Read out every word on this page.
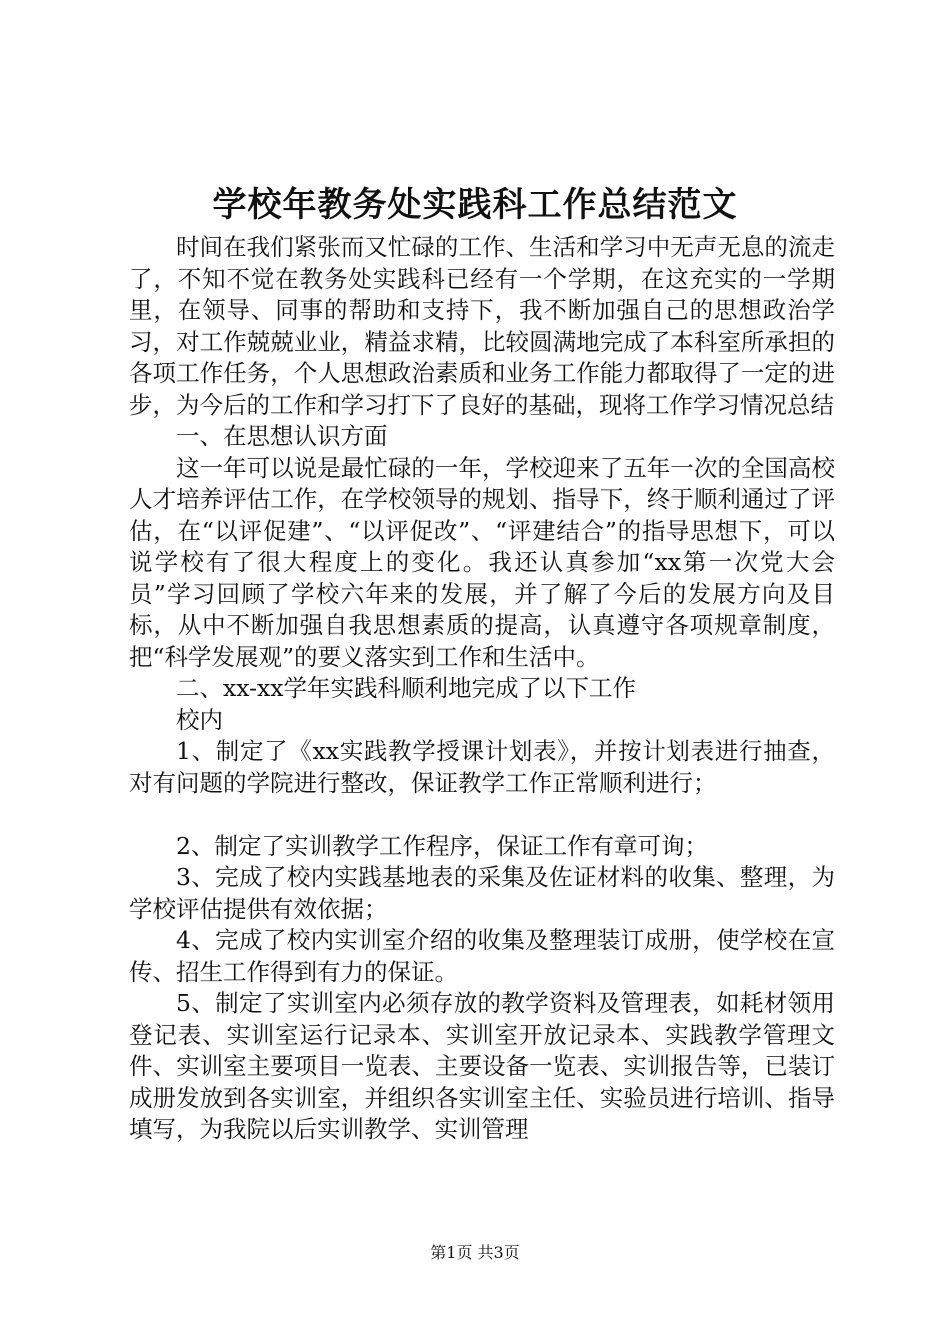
学校年教务处实践科工作总结范文

时间在我们紧张而又忙碌的工作、生活和学习中无声无息的流走了，不知不觉在教务处实践科已经有一个学期，在这充实的一学期里，在领导、同事的帮助和支持下，我不断加强自己的思想政治学习，对工作兢兢业业，精益求精，比较圆满地完成了本科室所承担的各项工作任务，个人思想政治素质和业务工作能力都取得了一定的进步，为今后的工作和学习打下了良好的基础，现将工作学习情况总结

一、在思想认识方面

这一年可以说是最忙碌的一年，学校迎来了五年一次的全国高校人才培养评估工作，在学校领导的规划、指导下，终于顺利通过了评估，在“以评促建”、“以评促改”、“评建结合”的指导思想下，可以说学校有了很大程度上的变化。我还认真参加“xx第一次党大会员”学习回顾了学校六年来的发展，并了解了今后的发展方向及目标，从中不断加强自我思想素质的提高，认真遵守各项规章制度，把“科学发展观”的要义落实到工作和生活中。

二、xx-xx学年实践科顺利地完成了以下工作

校内

1、制定了《xx实践教学授课计划表》，并按计划表进行抽查，对有问题的学院进行整改，保证教学工作正常顺利进行；

2、制定了实训教学工作程序，保证工作有章可询；

3、完成了校内实践基地表的采集及佐证材料的收集、整理，为学校评估提供有效依据；

4、完成了校内实训室介绍的收集及整理装订成册，使学校在宣传、招生工作得到有力的保证。

5、制定了实训室内必须存放的教学资料及管理表，如耗材领用登记表、实训室运行记录本、实训室开放记录本、实践教学管理文件、实训室主要项目一览表、主要设备一览表、实训报告等，已装订成册发放到各实训室，并组织各实训室主任、实验员进行培训、指导填写，为我院以后实训教学、实训管理

第1页 共3页
